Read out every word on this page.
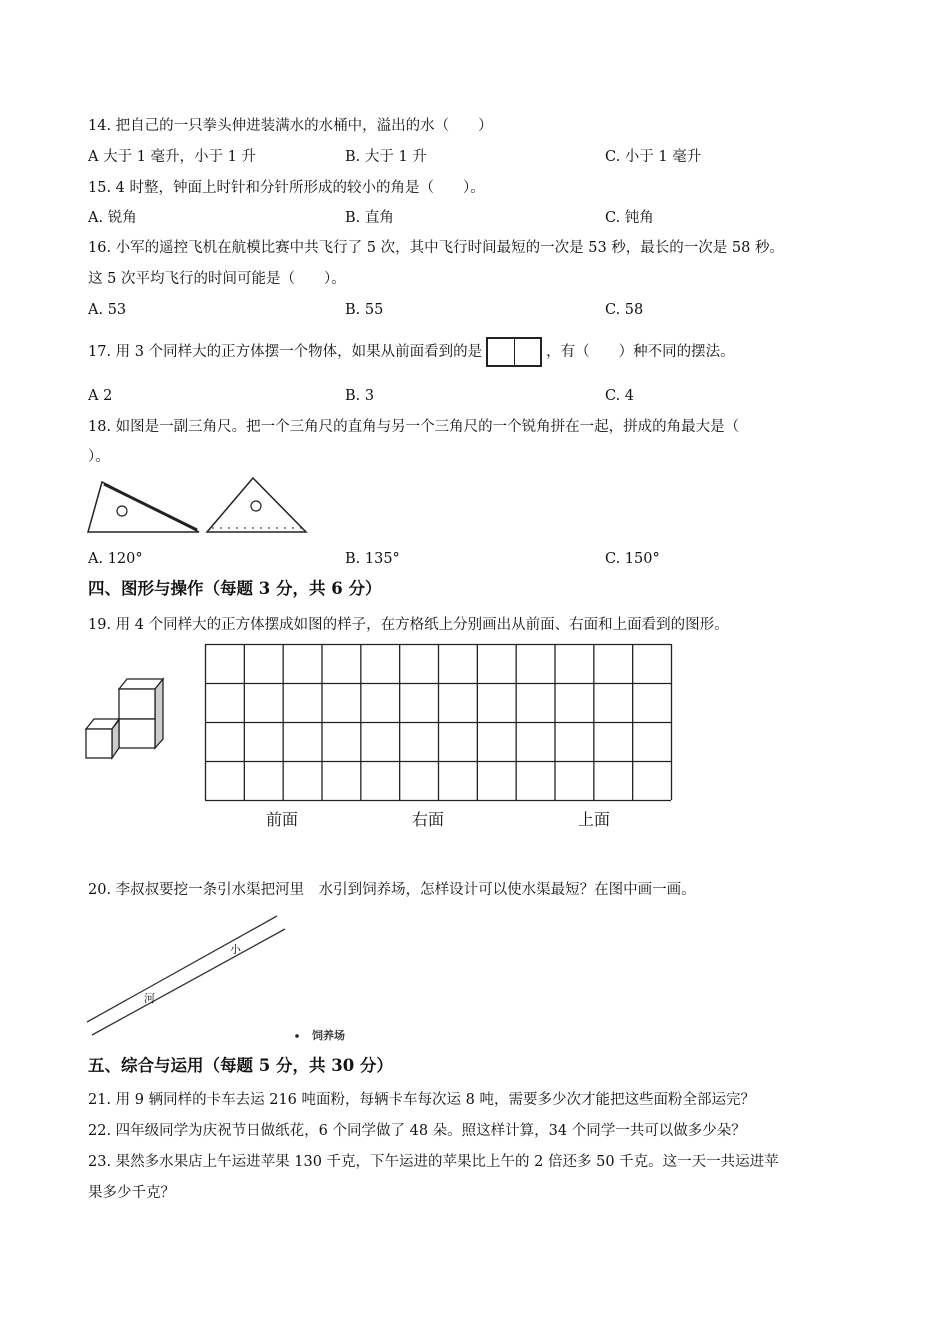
14. 把自己的一只拳头伸进装满水的水桶中，溢出的水（　　）
A 大于 1 毫升，小于 1 升	B. 大于 1 升	C. 小于 1 毫升
15. 4 时整，钟面上时针和分针所形成的较小的角是（　　）。
A. 锐角	B. 直角	C. 钝角
16. 小军的遥控飞机在航模比赛中共飞行了 5 次，其中飞行时间最短的一次是 53 秒，最长的一次是 58 秒。
这 5 次平均飞行的时间可能是（　　）。
A. 53	B. 55	C. 58
17. 用 3 个同样大的正方体摆一个物体，如果从前面看到的是	，有（　　）种不同的摆法。
A 2	B. 3	C. 4
18. 如图是一副三角尺。把一个三角尺的直角与另一个三角尺的一个锐角拼在一起，拼成的角最大是（
）。
A. 120°	B. 135°	C. 150°
四、图形与操作（每题 3 分，共 6 分）
19. 用 4 个同样大的正方体摆成如图的样子，在方格纸上分别画出从前面、右面和上面看到的图形。
前面	右面	上面
20. 李叔叔要挖一条引水渠把河里　水引到饲养场，怎样设计可以使水渠最短？在图中画一画。
小
河
饲养场
五、综合与运用（每题 5 分，共 30 分）
21. 用 9 辆同样的卡车去运 216 吨面粉，每辆卡车每次运 8 吨，需要多少次才能把这些面粉全部运完？
22. 四年级同学为庆祝节日做纸花，6 个同学做了 48 朵。照这样计算，34 个同学一共可以做多少朵？
23. 果然多水果店上午运进苹果 130 千克，下午运进的苹果比上午的 2 倍还多 50 千克。这一天一共运进苹
果多少千克？
